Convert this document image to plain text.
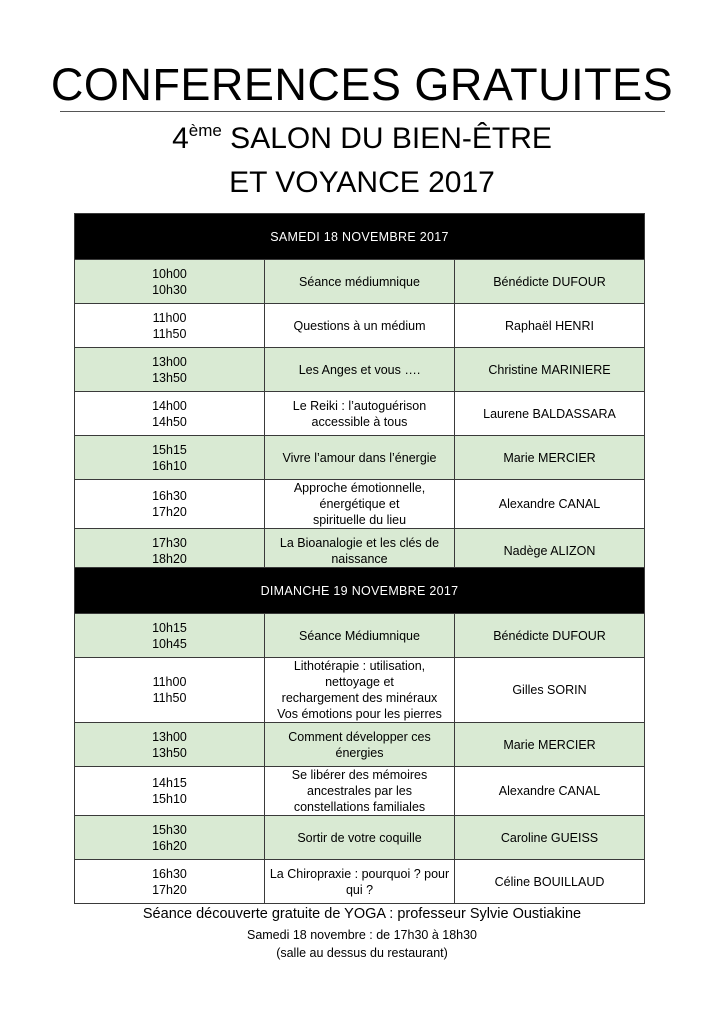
CONFERENCES GRATUITES
4ème SALON DU BIEN-ÊTRE
ET VOYANCE 2017
SAMEDI 18 NOVEMBRE 2017		

10h00
10h30	Séance médiumnique	Bénédicte DUFOUR

11h00
11h50	Questions à un médium	Raphaël HENRI

13h00
13h50	Les Anges et vous ….	Christine MARINIERE

14h00
14h50	Le Reiki : l’autoguérison accessible à tous	Laurene BALDASSARA

15h15
16h10	Vivre l’amour dans l’énergie	Marie MERCIER

16h30
17h20	Approche émotionnelle, énergétique et
spirituelle du lieu	Alexandre CANAL

17h30
18h20	La Bioanalogie et les clés de naissance	Nadège ALIZON
DIMANCHE 19 NOVEMBRE 2017		

10h15
10h45	Séance Médiumnique	Bénédicte DUFOUR

11h00
11h50	Lithotérapie : utilisation, nettoyage et
rechargement des minéraux
Vos émotions pour les pierres	Gilles SORIN

13h00
13h50	Comment développer ces énergies	Marie MERCIER

14h15
15h10	Se libérer des mémoires ancestrales par les
constellations familiales	Alexandre CANAL

15h30
16h20	Sortir de votre coquille	Caroline GUEISS

16h30
17h20	La Chiropraxie : pourquoi ? pour qui ?	Céline BOUILLAUD
Séance découverte gratuite de YOGA : professeur Sylvie Oustiakine
Samedi 18 novembre : de 17h30 à 18h30
(salle au dessus du restaurant)
